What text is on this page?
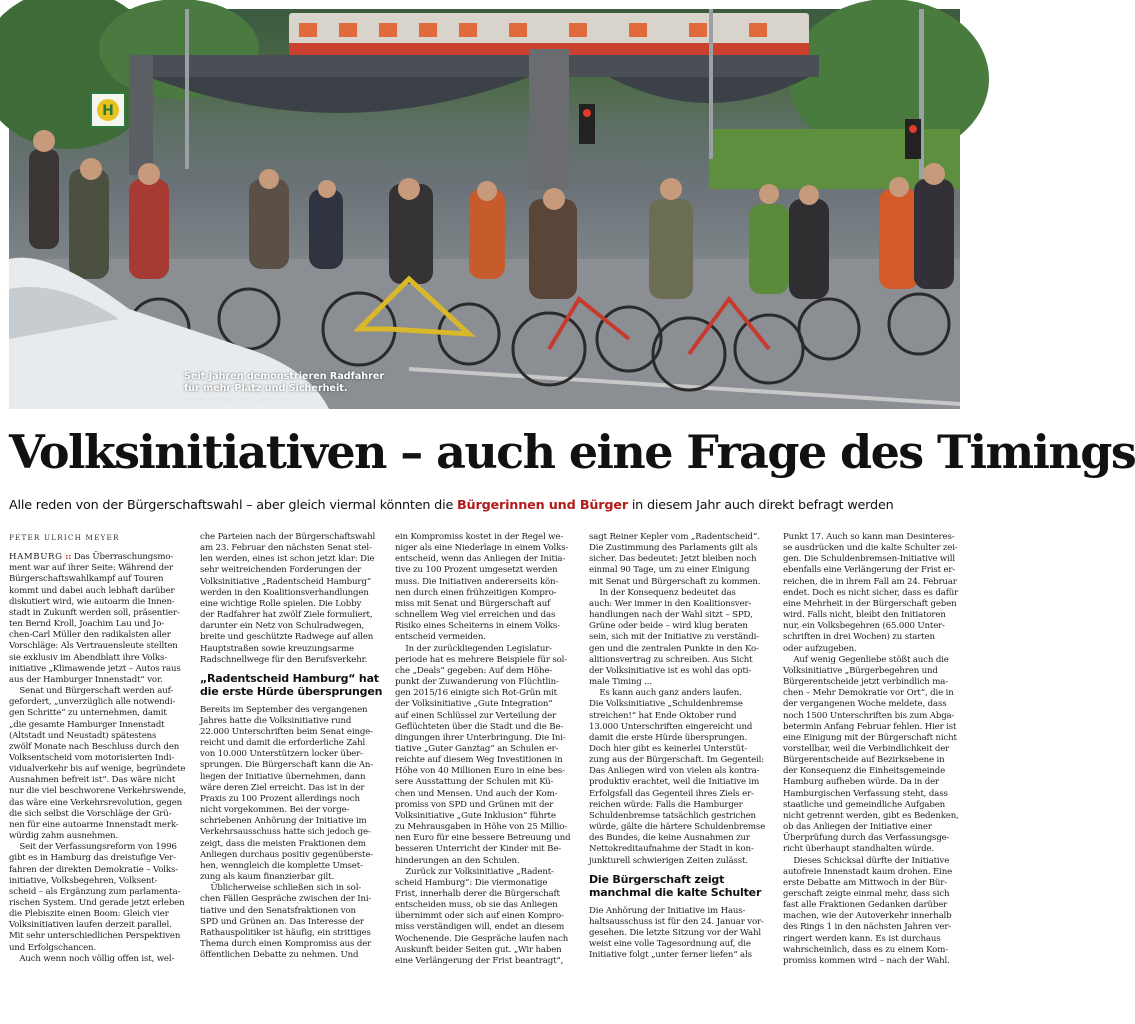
H
Seit Jahren demonstrieren Radfahrer
für mehr Platz und Sicherheit.
FOTO: PICTURE ALLIANCE/ DPA
Volksinitiativen – auch eine Frage des Timings
Alle reden von der Bürgerschaftswahl – aber gleich viermal könnten die Bürgerinnen und Bürger in diesem Jahr auch direkt befragt werden

PETER ULRICH MEYER

HAMBURG :: Das Überraschungsmo-
ment war auf ihrer Seite: Während der
Bürgerschaftswahlkampf auf Touren
kommt und dabei auch lebhaft darüber
diskutiert wird, wie autoarm die Innen-
stadt in Zukunft werden soll, präsentier-
ten Bernd Kroll, Joachim Lau und Jo-
chen-Carl Müller den radikalsten aller
Vorschläge: Als Vertrauensleute stellten
sie exklusiv im Abendblatt ihre Volks-
initiative „Klimawende jetzt – Autos raus
aus der Hamburger Innenstadt“ vor.

Senat und Bürgerschaft werden auf-
gefordert, „unverzüglich alle notwendi-
gen Schritte“ zu unternehmen, damit
„die gesamte Hamburger Innenstadt
(Altstadt und Neustadt) spätestens
zwölf Monate nach Beschluss durch den
Volksentscheid vom motorisierten Indi-
vidualverkehr bis auf wenige, begründete
Ausnahmen befreit ist“. Das wäre nicht
nur die viel beschworene Verkehrswende,
das wäre eine Verkehrsrevolution, gegen
die sich selbst die Vorschläge der Grü-
nen für eine autoarme Innenstadt merk-
würdig zahm ausnehmen.

Seit der Verfassungsreform von 1996
gibt es in Hamburg das dreistufige Ver-
fahren der direkten Demokratie – Volks-
initiative, Volksbegehren, Volksent-
scheid – als Ergänzung zum parlamenta-
rischen System. Und gerade jetzt erleben
die Plebiszite einen Boom: Gleich vier
Volksinitiativen laufen derzeit parallel.
Mit sehr unterschiedlichen Perspektiven
und Erfolgschancen.

Auch wenn noch völlig offen ist, wel-

che Parteien nach der Bürgerschaftswahl
am 23. Februar den nächsten Senat stel-
len werden, eines ist schon jetzt klar: Die
sehr weitreichenden Forderungen der
Volksinitiative „Radentscheid Hamburg“
werden in den Koalitionsverhandlungen
eine wichtige Rolle spielen. Die Lobby
der Radfahrer hat zwölf Ziele formuliert,
darunter ein Netz von Schulradwegen,
breite und geschützte Radwege auf allen
Hauptstraßen sowie kreuzungsarme
Radschnellwege für den Berufsverkehr.

„Radentscheid Hamburg“ hat
die erste Hürde übersprungen

Bereits im September des vergangenen
Jahres hatte die Volksinitiative rund
22.000 Unterschriften beim Senat einge-
reicht und damit die erforderliche Zahl
von 10.000 Unterstützern locker über-
sprungen. Die Bürgerschaft kann die An-
liegen der Initiative übernehmen, dann
wäre deren Ziel erreicht. Das ist in der
Praxis zu 100 Prozent allerdings noch
nicht vorgekommen. Bei der vorge-
schriebenen Anhörung der Initiative im
Verkehrsausschuss hatte sich jedoch ge-
zeigt, dass die meisten Fraktionen dem
Anliegen durchaus positiv gegenüberste-
hen, wenngleich die komplette Umset-
zung als kaum finanzierbar gilt.

Üblicherweise schließen sich in sol-
chen Fällen Gespräche zwischen der Ini-
tiative und den Senatsfraktionen von
SPD und Grünen an. Das Interesse der
Rathauspolitiker ist häufig, ein strittiges
Thema durch einen Kompromiss aus der
öffentlichen Debatte zu nehmen. Und

ein Kompromiss kostet in der Regel we-
niger als eine Niederlage in einem Volks-
entscheid, wenn das Anliegen der Initia-
tive zu 100 Prozent umgesetzt werden
muss. Die Initiativen andererseits kön-
nen durch einen frühzeitigen Kompro-
miss mit Senat und Bürgerschaft auf
schnellem Weg viel erreichen und das
Risiko eines Scheiterns in einem Volks-
entscheid vermeiden.

In der zurückliegenden Legislatur-
periode hat es mehrere Beispiele für sol-
che „Deals“ gegeben: Auf dem Höhe-
punkt der Zuwanderung von Flüchtlin-
gen 2015/16 einigte sich Rot-Grün mit
der Volksinitiative „Gute Integration“
auf einen Schlüssel zur Verteilung der
Geflüchteten über die Stadt und die Be-
dingungen ihrer Unterbringung. Die Ini-
tiative „Guter Ganztag“ an Schulen er-
reichte auf diesem Weg Investitionen in
Höhe von 40 Millionen Euro in eine bes-
sere Ausstattung der Schulen mit Kü-
chen und Mensen. Und auch der Kom-
promiss von SPD und Grünen mit der
Volksinitiative „Gute Inklusion“ führte
zu Mehrausgaben in Höhe von 25 Millio-
nen Euro für eine bessere Betreuung und
besseren Unterricht der Kinder mit Be-
hinderungen an den Schulen.

Zurück zur Volksinitiative „Radent-
scheid Hamburg“: Die viermonatige
Frist, innerhalb derer die Bürgerschaft
entscheiden muss, ob sie das Anliegen
übernimmt oder sich auf einen Kompro-
miss verständigen will, endet an diesem
Wochenende. Die Gespräche laufen nach
Auskunft beider Seiten gut. „Wir haben
eine Verlängerung der Frist beantragt“,

sagt Reiner Kepler vom „Radentscheid“.
Die Zustimmung des Parlaments gilt als
sicher. Das bedeutet: Jetzt bleiben noch
einmal 90 Tage, um zu einer Einigung
mit Senat und Bürgerschaft zu kommen.

In der Konsequenz bedeutet das
auch: Wer immer in den Koalitionsver-
handlungen nach der Wahl sitzt – SPD,
Grüne oder beide – wird klug beraten
sein, sich mit der Initiative zu verständi-
gen und die zentralen Punkte in den Ko-
alitionsvertrag zu schreiben. Aus Sicht
der Volksinitiative ist es wohl das opti-
male Timing ...

Es kann auch ganz anders laufen.
Die Volksinitiative „Schuldenbremse
streichen!“ hat Ende Oktober rund
13.000 Unterschriften eingereicht und
damit die erste Hürde übersprungen.
Doch hier gibt es keinerlei Unterstüt-
zung aus der Bürgerschaft. Im Gegenteil:
Das Anliegen wird von vielen als kontra-
produktiv erachtet, weil die Initiative im
Erfolgsfall das Gegenteil ihres Ziels er-
reichen würde: Falls die Hamburger
Schuldenbremse tatsächlich gestrichen
würde, gälte die härtere Schuldenbremse
des Bundes, die keine Ausnahmen zur
Nettokreditaufnahme der Stadt in kon-
junkturell schwierigen Zeiten zulässt.

Die Bürgerschaft zeigt
manchmal die kalte Schulter

Die Anhörung der Initiative im Haus-
haltsausschuss ist für den 24. Januar vor-
gesehen. Die letzte Sitzung vor der Wahl
weist eine volle Tagesordnung auf, die
Initiative folgt „unter ferner liefen“ als

Punkt 17. Auch so kann man Desinteres-
se ausdrücken und die kalte Schulter zei-
gen. Die Schuldenbremsen-Initiative will
ebenfalls eine Verlängerung der Frist er-
reichen, die in ihrem Fall am 24. Februar
endet. Doch es nicht sicher, dass es dafür
eine Mehrheit in der Bürgerschaft geben
wird. Falls nicht, bleibt den Initiatoren
nur, ein Volksbegehren (65.000 Unter-
schriften in drei Wochen) zu starten
oder aufzugeben.

Auf wenig Gegenliebe stößt auch die
Volksinitiative „Bürgerbegehren und
Bürgerentscheide jetzt verbindlich ma-
chen – Mehr Demokratie vor Ort“, die in
der vergangenen Woche meldete, dass
noch 1500 Unterschriften bis zum Abga-
betermin Anfang Februar fehlen. Hier ist
eine Einigung mit der Bürgerschaft nicht
vorstellbar, weil die Verbindlichkeit der
Bürgerentscheide auf Bezirksebene in
der Konsequenz die Einheitsgemeinde
Hamburg aufheben würde. Da in der
Hamburgischen Verfassung steht, dass
staatliche und gemeindliche Aufgaben
nicht getrennt werden, gibt es Bedenken,
ob das Anliegen der Initiative einer
Überprüfung durch das Verfassungsge-
richt überhaupt standhalten würde.

Dieses Schicksal dürfte der Initiative
autofreie Innenstadt kaum drohen. Eine
erste Debatte am Mittwoch in der Bür-
gerschaft zeigte einmal mehr, dass sich
fast alle Fraktionen Gedanken darüber
machen, wie der Autoverkehr innerhalb
des Rings 1 in den nächsten Jahren ver-
ringert werden kann. Es ist durchaus
wahrscheinlich, dass es zu einem Kom-
promiss kommen wird – nach der Wahl.
